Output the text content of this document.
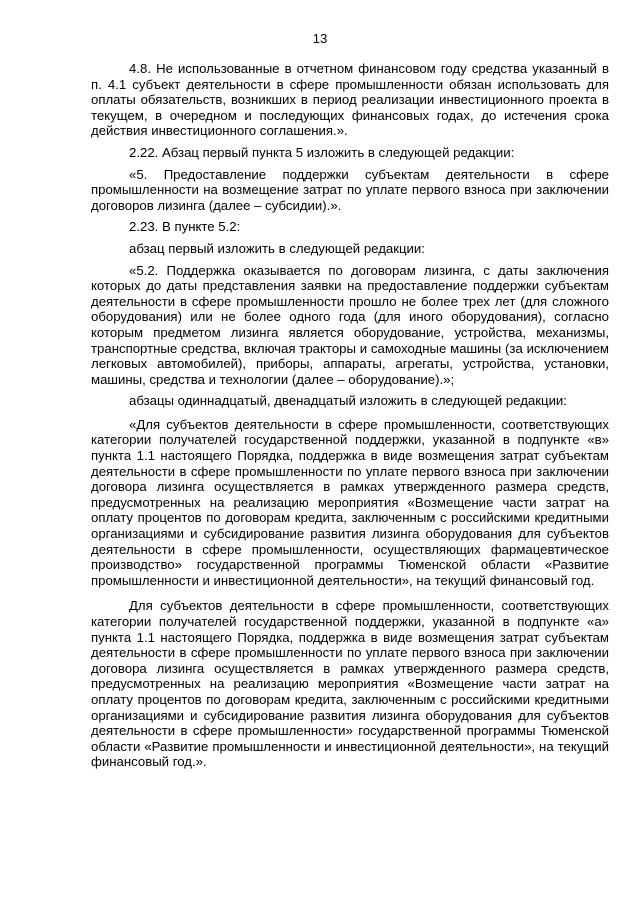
13

4.8. Не использованные в отчетном финансовом году средства указанный в п. 4.1 субъект деятельности в сфере промышленности обязан использовать для оплаты обязательств, возникших в период реализации инвестиционного проекта в текущем, в очередном и последующих финансовых годах, до истечения срока действия инвестиционного соглашения.».

2.22. Абзац первый пункта 5 изложить в следующей редакции:

«5. Предоставление поддержки субъектам деятельности в сфере промышленности на возмещение затрат по уплате первого взноса при заключении договоров лизинга (далее – субсидии).».

2.23. В пункте 5.2:

абзац первый изложить в следующей редакции:

«5.2. Поддержка оказывается по договорам лизинга, с даты заключения которых до даты представления заявки на предоставление поддержки субъектам деятельности в сфере промышленности прошло не более трех лет (для сложного оборудования) или не более одного года (для иного оборудования), согласно которым предметом лизинга является оборудование, устройства, механизмы, транспортные средства, включая тракторы и самоходные машины (за исключением легковых автомобилей), приборы, аппараты, агрегаты, устройства, установки, машины, средства и технологии (далее – оборудование).»;

абзацы одиннадцатый, двенадцатый изложить в следующей редакции:

«Для субъектов деятельности в сфере промышленности, соответствующих категории получателей государственной поддержки, указанной в подпункте «в» пункта 1.1 настоящего Порядка, поддержка в виде возмещения затрат субъектам деятельности в сфере промышленности по уплате первого взноса при заключении договора лизинга осуществляется в рамках утвержденного размера средств, предусмотренных на реализацию мероприятия «Возмещение части затрат на оплату процентов по договорам кредита, заключенным с российскими кредитными организациями и субсидирование развития лизинга оборудования для субъектов деятельности в сфере промышленности, осуществляющих фармацевтическое производство» государственной программы Тюменской области «Развитие промышленности и инвестиционной деятельности», на текущий финансовый год.

Для субъектов деятельности в сфере промышленности, соответствующих категории получателей государственной поддержки, указанной в подпункте «а» пункта 1.1 настоящего Порядка, поддержка в виде возмещения затрат субъектам деятельности в сфере промышленности по уплате первого взноса при заключении договора лизинга осуществляется в рамках утвержденного размера средств, предусмотренных на реализацию мероприятия «Возмещение части затрат на оплату процентов по договорам кредита, заключенным с российскими кредитными организациями и субсидирование развития лизинга оборудования для субъектов деятельности в сфере промышленности» государственной программы Тюменской области «Развитие промышленности и инвестиционной деятельности», на текущий финансовый год.».
